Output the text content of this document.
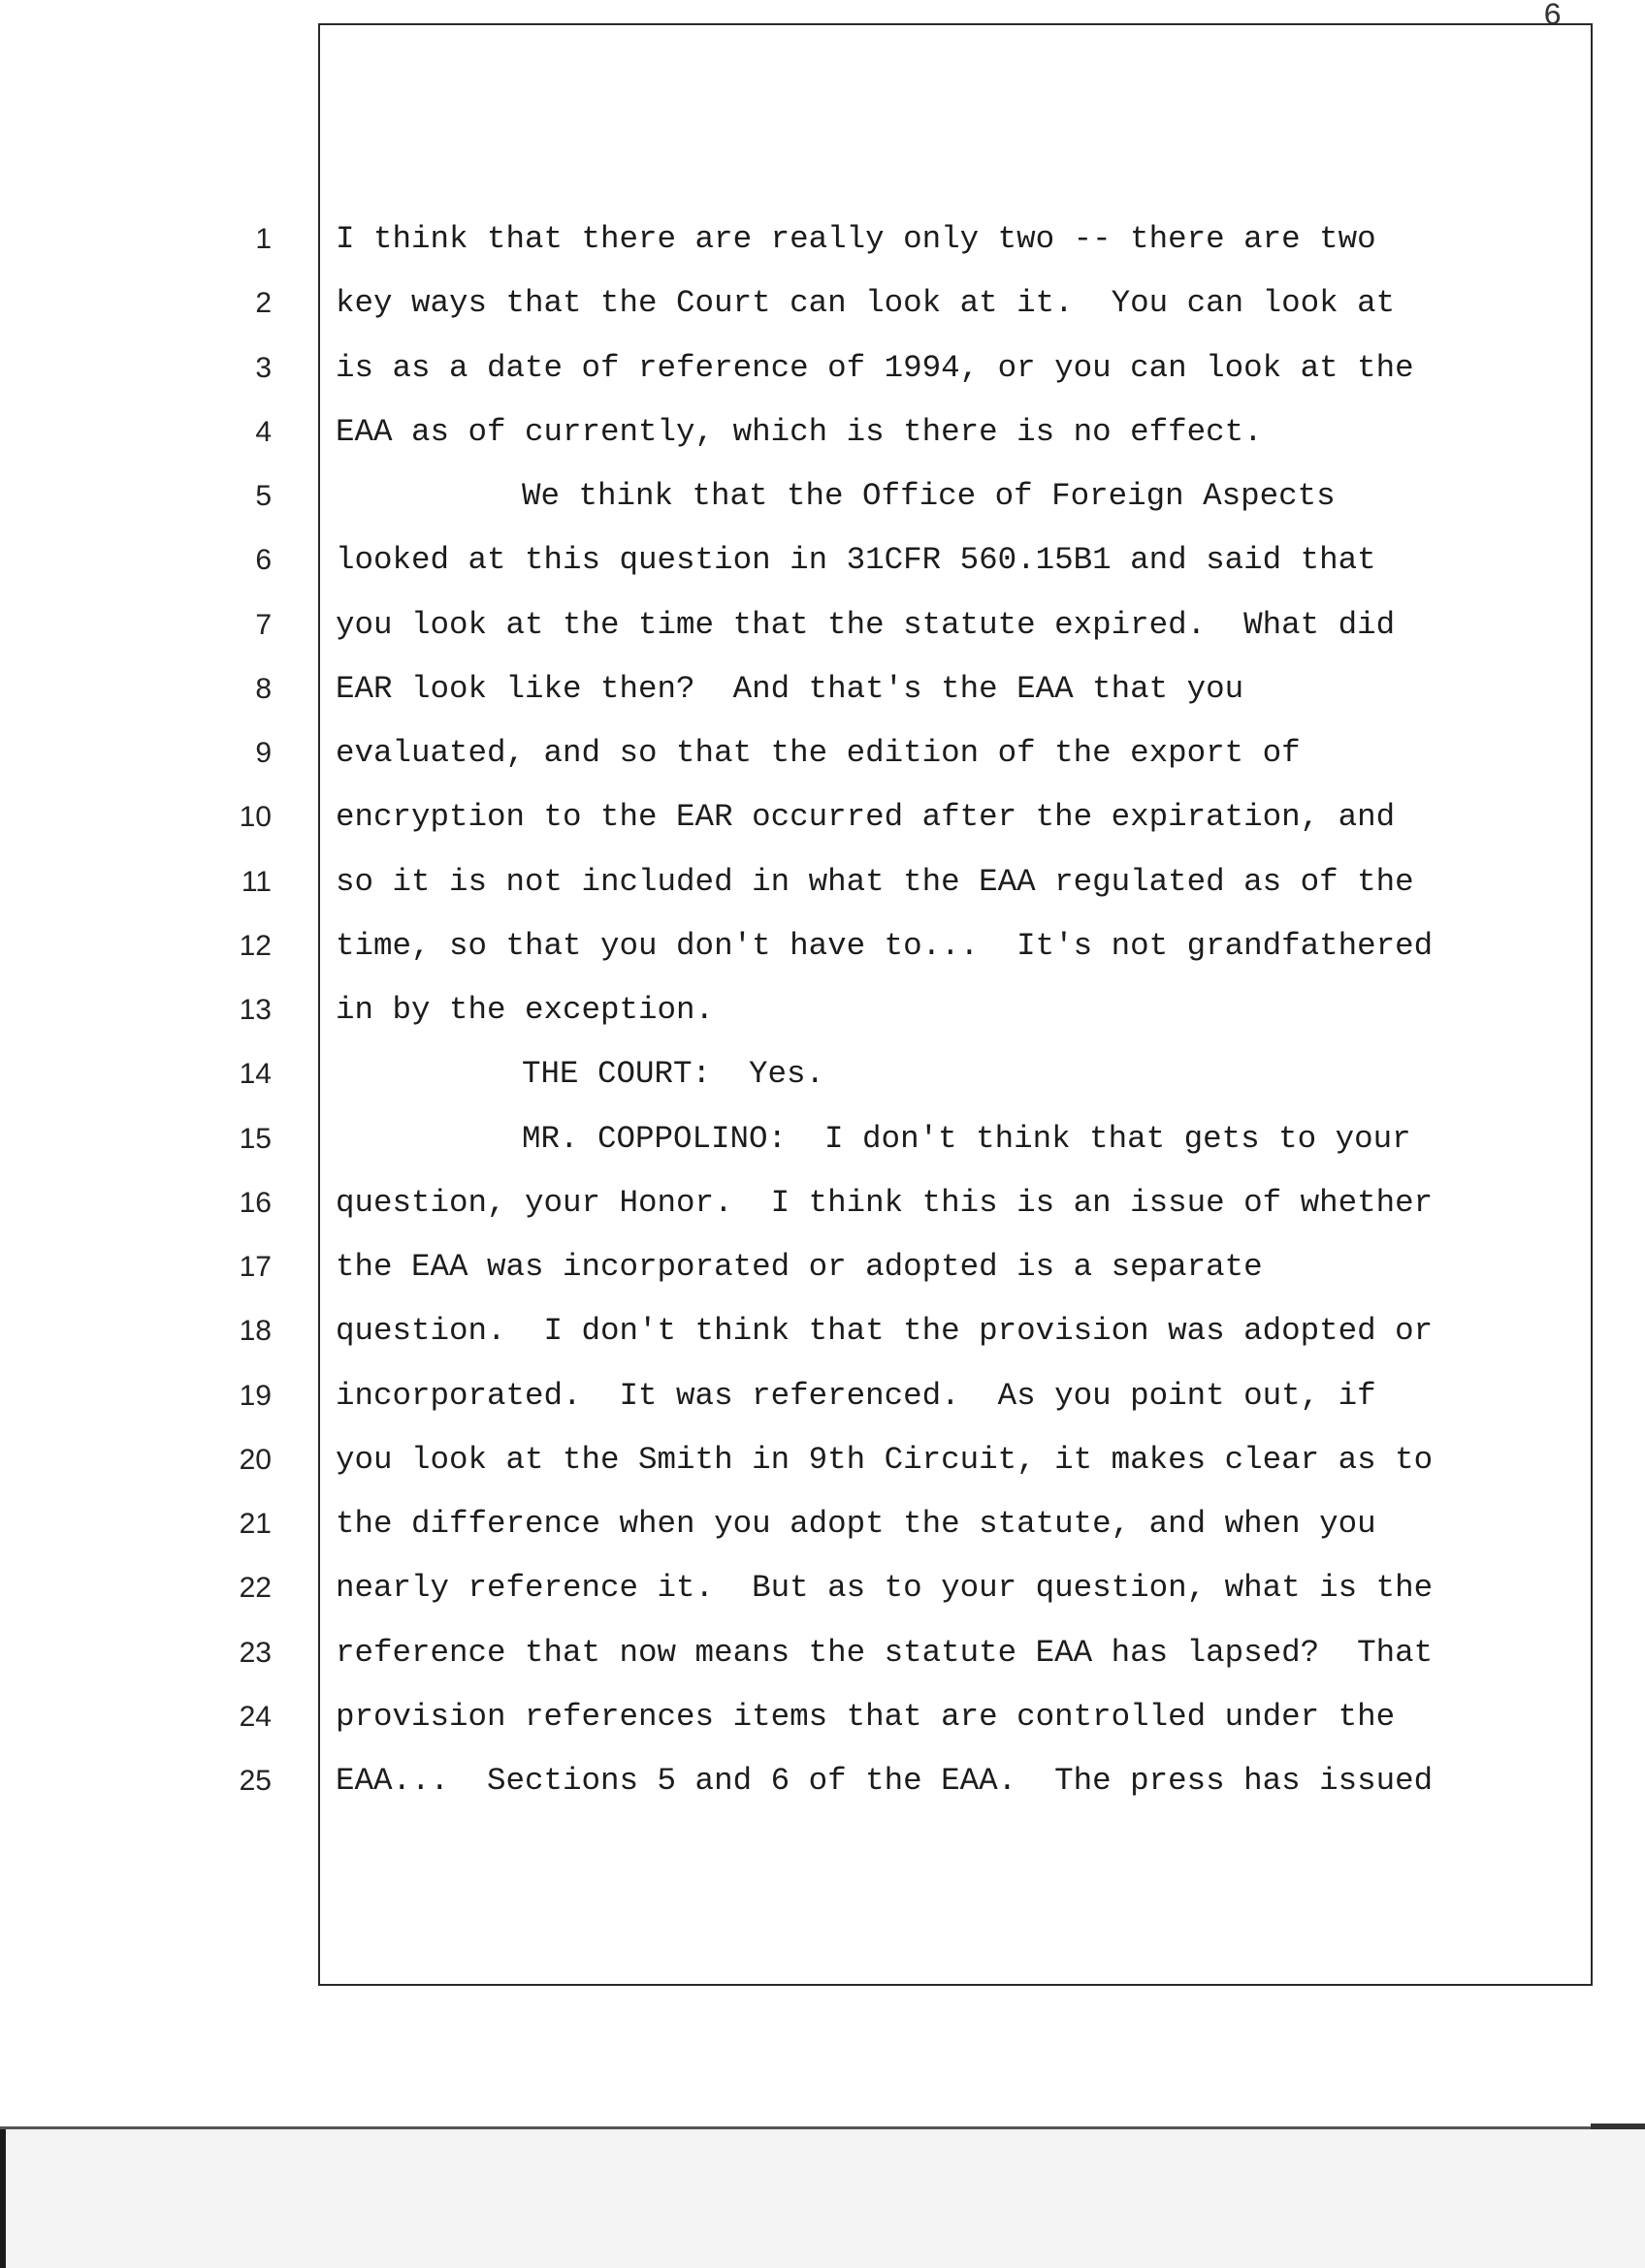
6
1
2
3
4
5
6
7
8
9
10
11
12
13
14
15
16
17
18
19
20
21
22
23
24
25
I think that there are really only two -- there are two
key ways that the Court can look at it.  You can look at
is as a date of reference of 1994, or you can look at the
EAA as of currently, which is there is no effect.
We think that the Office of Foreign Aspects
looked at this question in 31CFR 560.15B1 and said that
you look at the time that the statute expired.  What did
EAR look like then?  And that's the EAA that you
evaluated, and so that the edition of the export of
encryption to the EAR occurred after the expiration, and
so it is not included in what the EAA regulated as of the
time, so that you don't have to...  It's not grandfathered
in by the exception.
THE COURT:  Yes.
MR. COPPOLINO:  I don't think that gets to your
question, your Honor.  I think this is an issue of whether
the EAA was incorporated or adopted is a separate
question.  I don't think that the provision was adopted or
incorporated.  It was referenced.  As you point out, if
you look at the Smith in 9th Circuit, it makes clear as to
the difference when you adopt the statute, and when you
nearly reference it.  But as to your question, what is the
reference that now means the statute EAA has lapsed?  That
provision references items that are controlled under the
EAA...  Sections 5 and 6 of the EAA.  The press has issued
